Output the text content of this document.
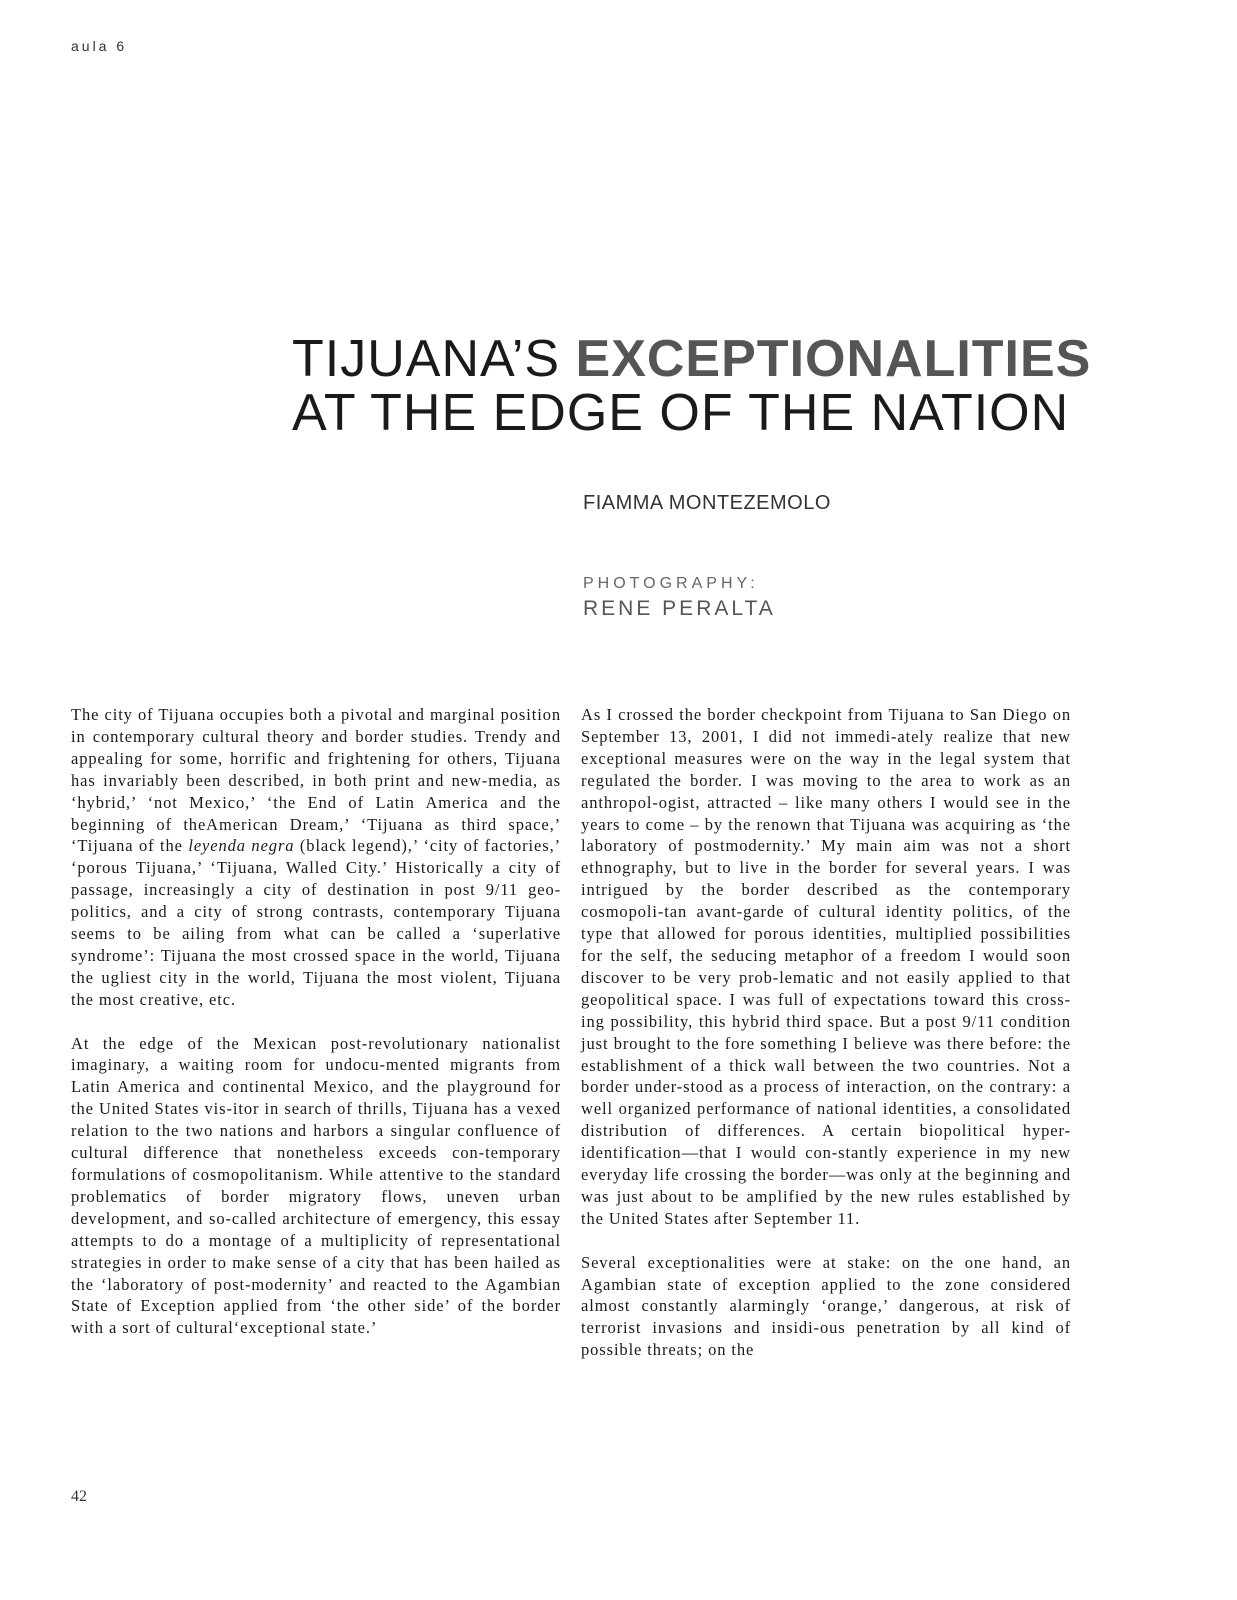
aula 6
TIJUANA’S EXCEPTIONALITIES
AT THE EDGE OF THE NATION
FIAMMA MONTEZEMOLO
PHOTOGRAPHY:
RENE PERALTA

The city of Tijuana occupies both a pivotal and marginal position in contemporary cultural theory and border studies. Trendy and appealing for some, horrific and frightening for others, Tijuana has invariably been described, in both print and new-media, as ‘hybrid,’ ‘not Mexico,’ ‘the End of Latin America and the beginning of theAmerican Dream,’ ‘Tijuana as third space,’ ‘Tijuana of the leyenda negra (black legend),’ ‘city of factories,’ ‘porous Tijuana,’ ‘Tijuana, Walled City.’ Historically a city of passage, increasingly a city of destination in post 9/11 geo-politics, and a city of strong contrasts, contemporary Tijuana seems to be ailing from what can be called a ‘superlative syndrome’: Tijuana the most crossed space in the world, Tijuana the ugliest city in the world, Tijuana the most violent, Tijuana the most creative, etc.

At the edge of the Mexican post-revolutionary nationalist imaginary, a waiting room for undocu-mented migrants from Latin America and continental Mexico, and the playground for the United States vis-itor in search of thrills, Tijuana has a vexed relation to the two nations and harbors a singular confluence of cultural difference that nonetheless exceeds con-temporary formulations of cosmopolitanism. While attentive to the standard problematics of border migratory flows, uneven urban development, and so-called architecture of emergency, this essay attempts to do a montage of a multiplicity of representational strategies in order to make sense of a city that has been hailed as the ‘laboratory of post-modernity’ and reacted to the Agambian State of Exception applied from ‘the other side’ of the border with a sort of cultural‘exceptional state.’

As I crossed the border checkpoint from Tijuana to San Diego on September 13, 2001, I did not immedi-ately realize that new exceptional measures were on the way in the legal system that regulated the border. I was moving to the area to work as an anthropol-ogist, attracted – like many others I would see in the years to come – by the renown that Tijuana was acquiring as ‘the laboratory of postmodernity.’ My main aim was not a short ethnography, but to live in the border for several years. I was intrigued by the border described as the contemporary cosmopoli-tan avant-garde of cultural identity politics, of the type that allowed for porous identities, multiplied possibilities for the self, the seducing metaphor of a freedom I would soon discover to be very prob-lematic and not easily applied to that geopolitical space. I was full of expectations toward this cross-ing possibility, this hybrid third space. But a post 9/11 condition just brought to the fore something I believe was there before: the establishment of a thick wall between the two countries. Not a border under-stood as a process of interaction, on the contrary: a well organized performance of national identities, a consolidated distribution of differences. A certain biopolitical hyper-identification—that I would con-stantly experience in my new everyday life crossing the border—was only at the beginning and was just about to be amplified by the new rules established by the United States after September 11.

Several exceptionalities were at stake: on the one hand, an Agambian state of exception applied to the zone considered almost constantly alarmingly ‘orange,’ dangerous, at risk of terrorist invasions and insidi-ous penetration by all kind of possible threats; on the

42
